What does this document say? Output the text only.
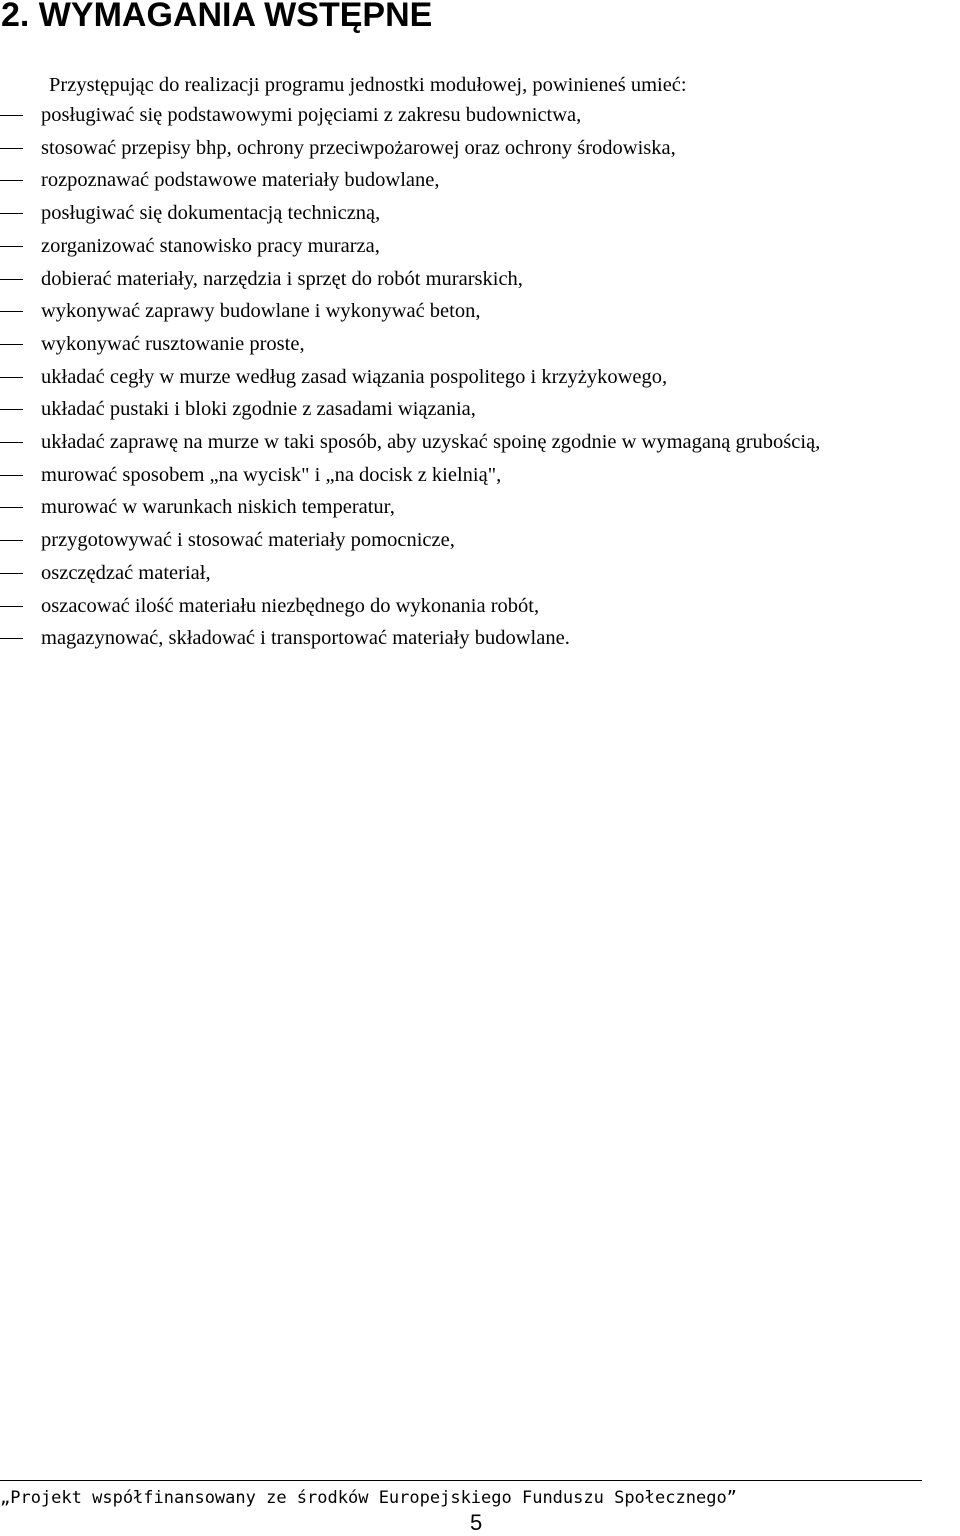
2. WYMAGANIA WSTĘPNE

Przystępując do realizacji programu jednostki modułowej, powinieneś umieć:

posługiwać się podstawowymi pojęciami z zakresu budownictwa,
stosować przepisy bhp, ochrony przeciwpożarowej oraz ochrony środowiska,
rozpoznawać podstawowe materiały budowlane,
posługiwać się dokumentacją techniczną,
zorganizować stanowisko pracy murarza,
dobierać materiały, narzędzia i sprzęt do robót murarskich,
wykonywać zaprawy budowlane i wykonywać beton,
wykonywać rusztowanie proste,
układać cegły w murze według zasad wiązania pospolitego i krzyżykowego,
układać pustaki i bloki zgodnie z zasadami wiązania,
układać zaprawę na murze w taki sposób, aby uzyskać spoinę zgodnie w wymaganą grubością,
murować sposobem „na wycisk" i „na docisk z kielnią",
murować w warunkach niskich temperatur,
przygotowywać i stosować materiały pomocnicze,
oszczędzać materiał,
oszacować ilość materiału niezbędnego do wykonania robót,
magazynować, składować i transportować materiały budowlane.

„Projekt współfinansowany ze środków Europejskiego Funduszu Społecznego”

5
